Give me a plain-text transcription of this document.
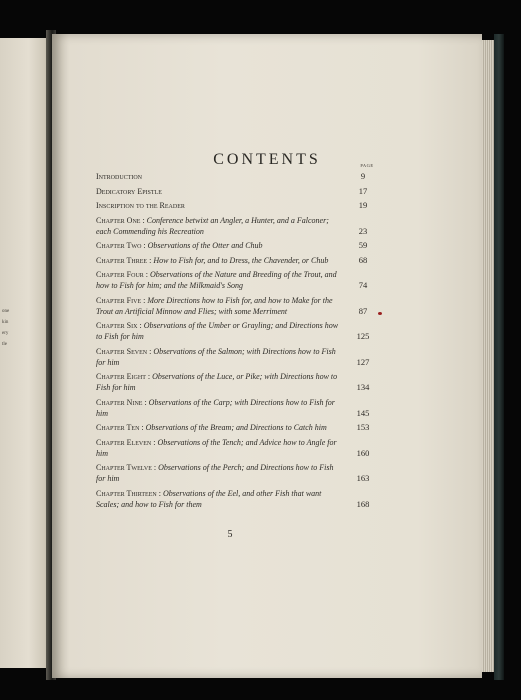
one
kin
ery
tle
CONTENTS	PAGE
Introduction	9
Dedicatory Epistle	17
Inscription to the Reader	19
Chapter One : Conference betwixt an Angler, a Hunter, and a Falconer; each Commending his Recreation	23
Chapter Two : Observations of the Otter and Chub	59
Chapter Three : How to Fish for, and to Dress, the Chavender, or Chub	68
Chapter Four : Observations of the Nature and Breeding of the Trout, and how to Fish for him; and the Milkmaid's Song	74
Chapter Five : More Directions how to Fish for, and how to Make for the Trout an Artificial Minnow and Flies; with some Merriment	87
Chapter Six : Observations of the Umber or Grayling; and Directions how to Fish for him	125
Chapter Seven : Observations of the Salmon; with Directions how to Fish for him	127
Chapter Eight : Observations of the Luce, or Pike; with Directions how to Fish for him	134
Chapter Nine : Observations of the Carp; with Directions how to Fish for him	145
Chapter Ten : Observations of the Bream; and Directions to Catch him	153
Chapter Eleven : Observations of the Tench; and Advice how to Angle for him	160
Chapter Twelve : Observations of the Perch; and Directions how to Fish for him	163
Chapter Thirteen : Observations of the Eel, and other Fish that want Scales; and how to Fish for them	168
5
